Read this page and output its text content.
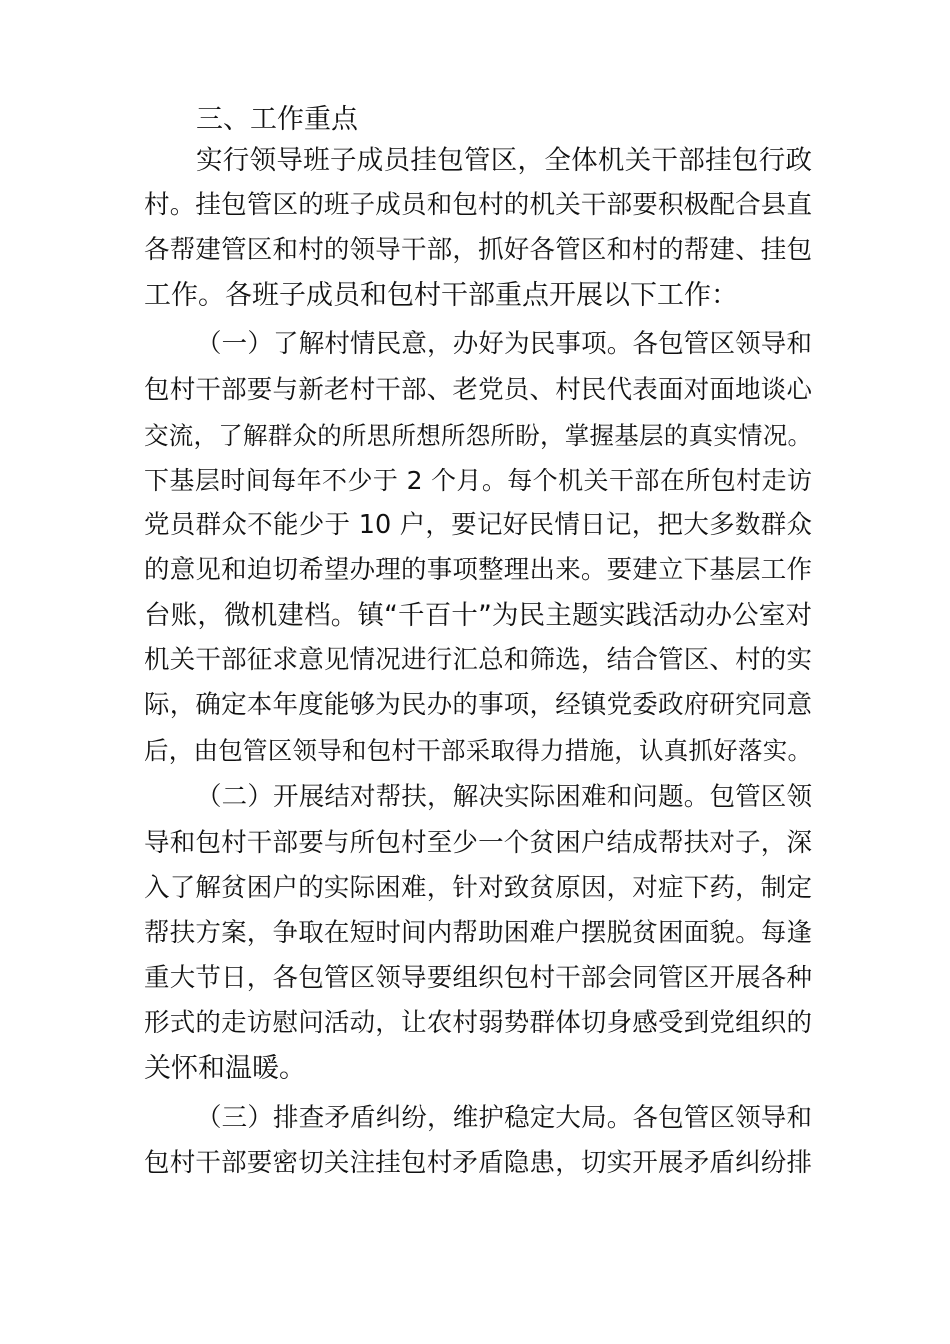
三、工作重点
实行领导班子成员挂包管区，全体机关干部挂包行政
村。挂包管区的班子成员和包村的机关干部要积极配合县直
各帮建管区和村的领导干部，抓好各管区和村的帮建、挂包
工作。各班子成员和包村干部重点开展以下工作：
（一）了解村情民意，办好为民事项。各包管区领导和
包村干部要与新老村干部、老党员、村民代表面对面地谈心
交流，了解群众的所思所想所怨所盼，掌握基层的真实情况。
下基层时间每年不少于 2 个月。每个机关干部在所包村走访
党员群众不能少于 10 户，要记好民情日记，把大多数群众
的意见和迫切希望办理的事项整理出来。要建立下基层工作
台账，微机建档。镇“千百十”为民主题实践活动办公室对
机关干部征求意见情况进行汇总和筛选，结合管区、村的实
际，确定本年度能够为民办的事项，经镇党委政府研究同意
后，由包管区领导和包村干部采取得力措施，认真抓好落实。
（二）开展结对帮扶，解决实际困难和问题。包管区领
导和包村干部要与所包村至少一个贫困户结成帮扶对子，深
入了解贫困户的实际困难，针对致贫原因，对症下药，制定
帮扶方案，争取在短时间内帮助困难户摆脱贫困面貌。每逢
重大节日，各包管区领导要组织包村干部会同管区开展各种
形式的走访慰问活动，让农村弱势群体切身感受到党组织的
关怀和温暖。
（三）排查矛盾纠纷，维护稳定大局。各包管区领导和
包村干部要密切关注挂包村矛盾隐患，切实开展矛盾纠纷排
